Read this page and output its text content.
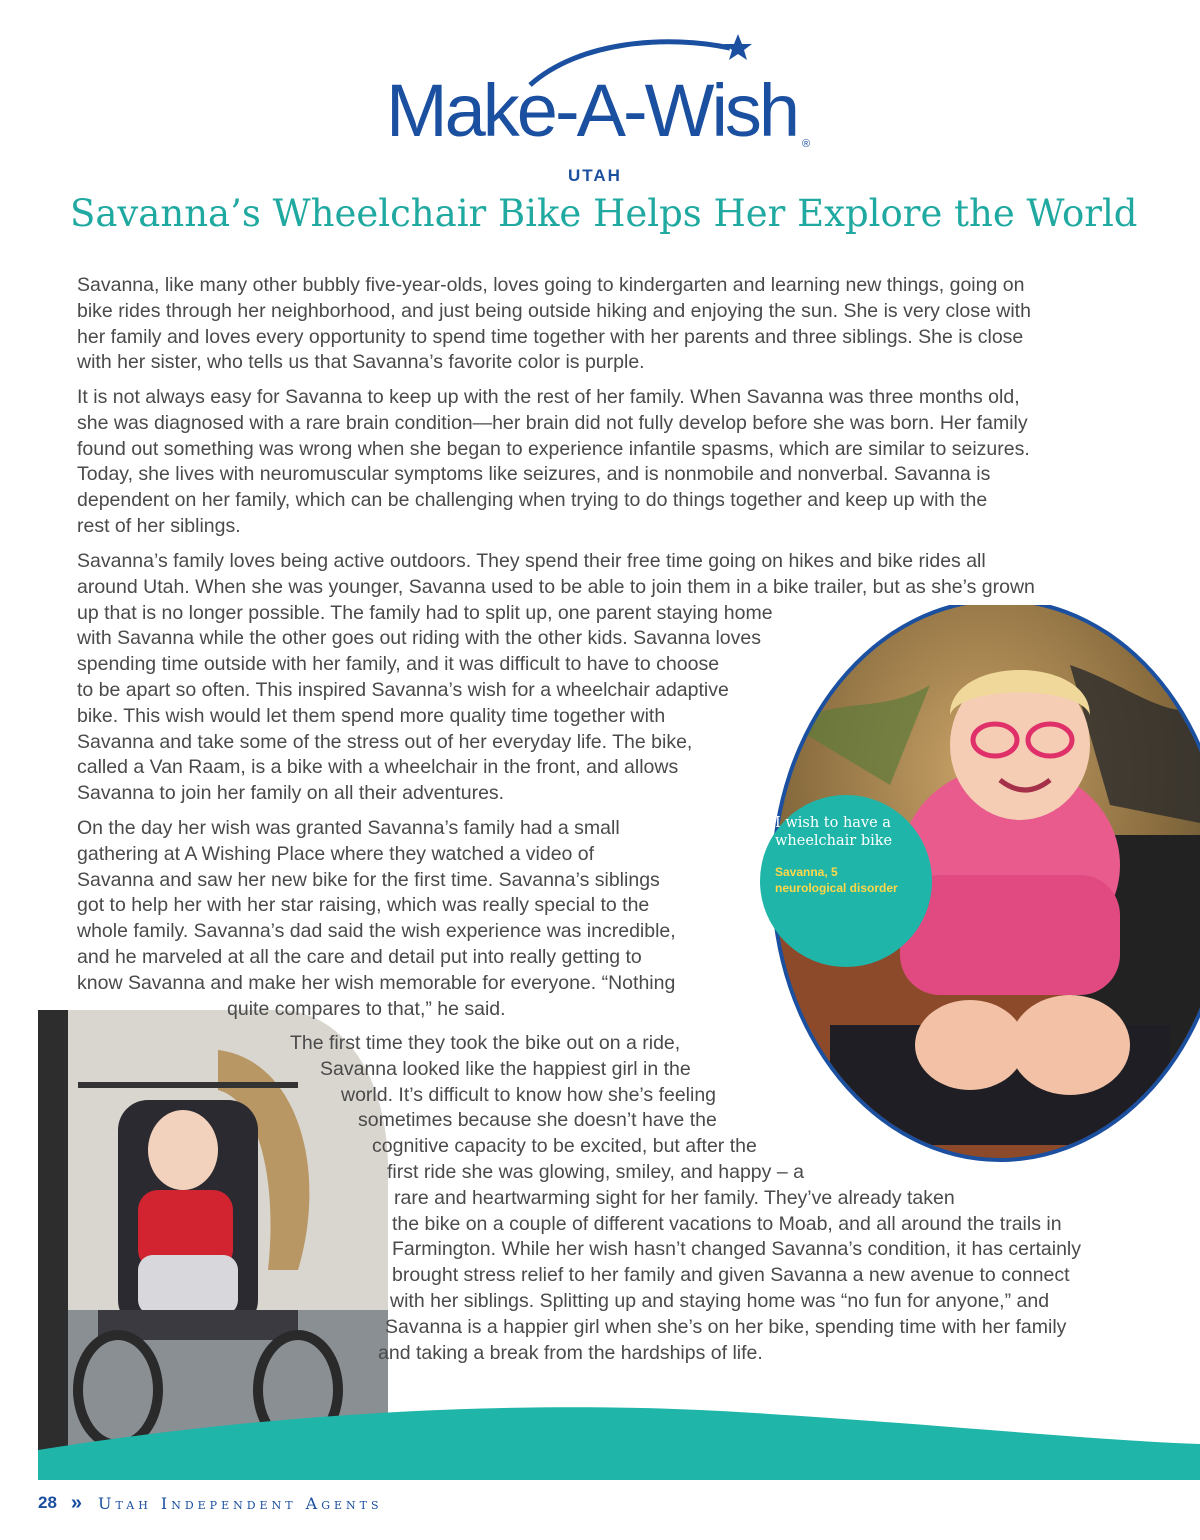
Make-A-Wish ®
UTAH
Savanna’s Wheelchair Bike Helps Her Explore the World
I wish to have a wheelchair bike
Savanna, 5
neurological disorder
Savanna, like many other bubbly five-year-olds, loves going to kindergarten and learning new things, going on
bike rides through her neighborhood, and just being outside hiking and enjoying the sun. She is very close with
her family and loves every opportunity to spend time together with her parents and three siblings. She is close
with her sister, who tells us that Savanna’s favorite color is purple.
It is not always easy for Savanna to keep up with the rest of her family. When Savanna was three months old,
she was diagnosed with a rare brain condition—her brain did not fully develop before she was born. Her family
found out something was wrong when she began to experience infantile spasms, which are similar to seizures.
Today, she lives with neuromuscular symptoms like seizures, and is nonmobile and nonverbal. Savanna is
dependent on her family, which can be challenging when trying to do things together and keep up with the
rest of her siblings.
Savanna’s family loves being active outdoors. They spend their free time going on hikes and bike rides all
around Utah. When she was younger, Savanna used to be able to join them in a bike trailer, but as she’s grown
up that is no longer possible. The family had to split up, one parent staying home
with Savanna while the other goes out riding with the other kids. Savanna loves
spending time outside with her family, and it was difficult to have to choose
to be apart so often. This inspired Savanna’s wish for a wheelchair adaptive
bike. This wish would let them spend more quality time together with
Savanna and take some of the stress out of her everyday life. The bike,
called a Van Raam, is a bike with a wheelchair in the front, and allows
Savanna to join her family on all their adventures.
On the day her wish was granted Savanna’s family had a small
gathering at A Wishing Place where they watched a video of
Savanna and saw her new bike for the first time. Savanna’s siblings
got to help her with her star raising, which was really special to the
whole family. Savanna’s dad said the wish experience was incredible,
and he marveled at all the care and detail put into really getting to
know Savanna and make her wish memorable for everyone. “Nothing
quite compares to that,” he said.
The first time they took the bike out on a ride,
Savanna looked like the happiest girl in the
world. It’s difficult to know how she’s feeling
sometimes because she doesn’t have the
cognitive capacity to be excited, but after the
first ride she was glowing, smiley, and happy – a
rare and heartwarming sight for her family. They’ve already taken
the bike on a couple of different vacations to Moab, and all around the trails in
Farmington. While her wish hasn’t changed Savanna’s condition, it has certainly
brought stress relief to her family and given Savanna a new avenue to connect
with her siblings. Splitting up and staying home was “no fun for anyone,” and
Savanna is a happier girl when she’s on her bike, spending time with her family
and taking a break from the hardships of life.
28 » Utah Independent Agents
